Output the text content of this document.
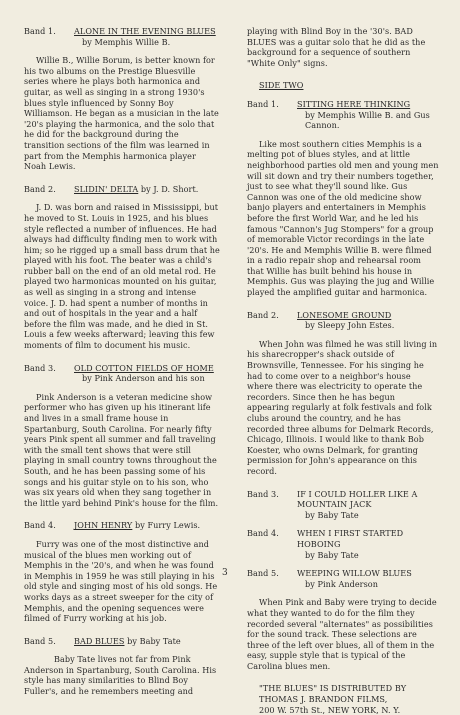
Band 1.	ALONE IN THE EVENING BLUES
by Memphis Willie B.

Willie B., Willie Borum, is better known for his two albums on the Prestige Bluesville series where he plays both harmonica and guitar, as well as singing in a strong 1930's blues style influenced by Sonny Boy Williamson. He began as a musician in the late '20's playing the harmonica, and the solo that he did for the background during the transition sections of the film was learned in part from the Memphis harmonica player Noah Lewis.

Band 2.	SLIDIN' DELTA by J. D. Short.

J. D. was born and raised in Mississippi, but he moved to St. Louis in 1925, and his blues style reflected a number of influences. He had always had difficulty finding men to work with him; so he rigged up a small bass drum that he played with his foot. The beater was a child's rubber ball on the end of an old metal rod. He played two harmonicas mounted on his guitar, as well as singing in a strong and intense voice. J. D. had spent a number of months in and out of hospitals in the year and a half before the film was made, and he died in St. Louis a few weeks afterward; leaving this few moments of film to document his music.

Band 3.	OLD COTTON FIELDS OF HOME
by Pink Anderson and his son

Pink Anderson is a veteran medicine show performer who has given up his itinerant life and lives in a small frame house in Spartanburg, South Carolina. For nearly fifty years Pink spent all summer and fall traveling with the small tent shows that were still playing in small country towns throughout the South, and he has been passing some of his songs and his guitar style on to his son, who was six years old when they sang together in the little yard behind Pink's house for the film.

Band 4.	JOHN HENRY by Furry Lewis.

Furry was one of the most distinctive and musical of the blues men working out of Memphis in the '20's, and when he was found in Memphis in 1959 he was still playing in his old style and singing most of his old songs. He works days as a street sweeper for the city of Memphis, and the opening sequences were filmed of Furry working at his job.

Band 5.	BAD BLUES by Baby Tate

Baby Tate lives not far from Pink Anderson in Spartanburg, South Carolina. His style has many similarities to Blind Boy Fuller's, and he remembers meeting and

playing with Blind Boy in the '30's. BAD BLUES was a guitar solo that he did as the background for a sequence of southern "White Only" signs.

SIDE TWO

Band 1.	SITTING HERE THINKING
by Memphis Willie B. and Gus Cannon.

Like most southern cities Memphis is a melting pot of blues styles, and at little neighborhood parties old men and young men will sit down and try their numbers together, just to see what they'll sound like. Gus Cannon was one of the old medicine show banjo players and entertainers in Memphis before the first World War, and he led his famous "Cannon's Jug Stompers" for a group of memorable Victor recordings in the late '20's. He and Memphis Willie B. were filmed in a radio repair shop and rehearsal room that Willie has built behind his house in Memphis. Gus was playing the jug and Willie played the amplified guitar and harmonica.

Band 2.	LONESOME GROUND
by Sleepy John Estes.

When John was filmed he was still living in his sharecropper's shack outside of Brownsville, Tennessee. For his singing he had to come over to a neighbor's house where there was electricity to operate the recorders. Since then he has begun appearing regularly at folk festivals and folk clubs around the country, and he has recorded three albums for Delmark Records, Chicago, Illinois. I would like to thank Bob Koester, who owns Delmark, for granting permission for John's appearance on this record.

Band 3.	IF I COULD HOLLER LIKE A MOUNTAIN JACK
by Baby Tate
Band 4.	WHEN I FIRST STARTED HOBOING
by Baby Tate
Band 5.	WEEPING WILLOW BLUES
by Pink Anderson

When Pink and Baby were trying to decide what they wanted to do for the film they recorded several "alternates" as possibilities for the sound track. These selections are three of the left over blues, all of them in the easy, supple style that is typical of the Carolina blues men.

"THE BLUES" IS DISTRIBUTED BY

THOMAS J. BRANDON FILMS,

200 W. 57th St., NEW YORK, N. Y.

3
